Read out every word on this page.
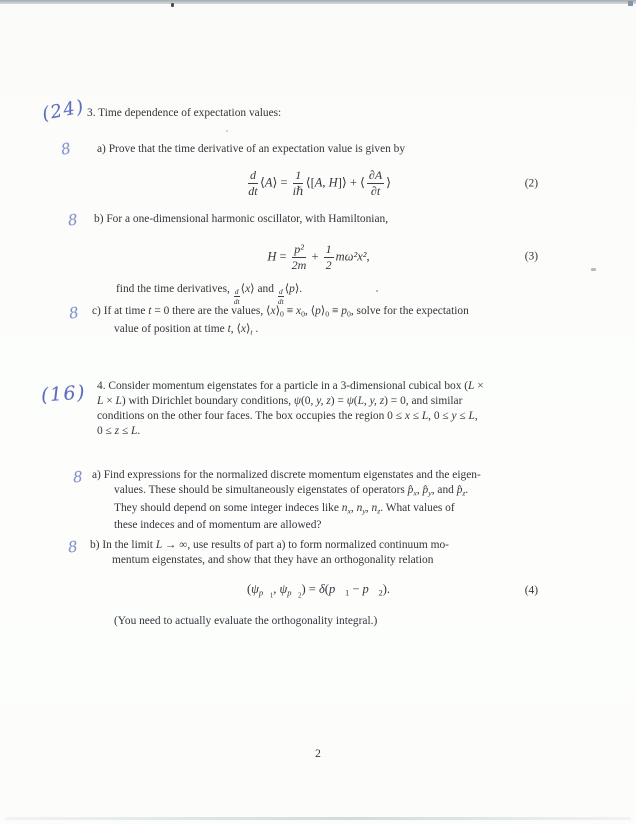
(24)
8
8
8
(16)
8
8
3. Time dependence of expectation values:
a) Prove that the time derivative of an expectation value is given by
$\frac{d}{dt}$ ⟨A⟩ = $\frac{1}{\text{iℏ}}$ ⟨[A, H]⟩ + ⟨ $\frac{\partial A}{\partial t}$ ⟩	(2)
b) For a one-dimensional harmonic oscillator, with Hamiltonian,
$H = \frac{\text{p²}}{2m} + \frac{1}{2} m\omega^2x^2$,	(3)
find the time derivatives, $\frac{d}{dt}$ ⟨x⟩ and $\frac{d}{dt}$ ⟨p⟩.
c) If at time t = 0 there are the values, $⟨x⟩_0 \equiv x_0$, $⟨p⟩_0 \equiv p_0$, solve for the expectation
value of position at time t, $⟨x⟩_t$ .
4. Consider momentum eigenstates for a particle in a 3-dimensional cubical box (L ×
L × L) with Dirichlet boundary conditions, ψ(0, y, z) = ψ(L, y, z) = 0, and similar
conditions on the other four faces. The box occupies the region 0 ≤ x ≤ L, 0 ≤ y ≤ L,
0 ≤ z ≤ L.
a) Find expressions for the normalized discrete momentum eigenstates and the eigen-
values. These should be simultaneously eigenstates of operators $p̂_x$, $p̂_y$, and $p̂_z$.
They should depend on some integer indeces like $n_x$, $n_y$, $n_z$. What values of
these indeces and of momentum are allowed?
b) In the limit L → ∞, use results of part a) to form normalized continuum mo-
mentum eigenstates, and show that they have an orthogonality relation
($\psi_{p⃗1}$, $\psi_{p⃗2}$) = $\delta(p⃗_1$ − $p⃗_2$).	(4)
(You need to actually evaluate the orthogonality integral.)
2
